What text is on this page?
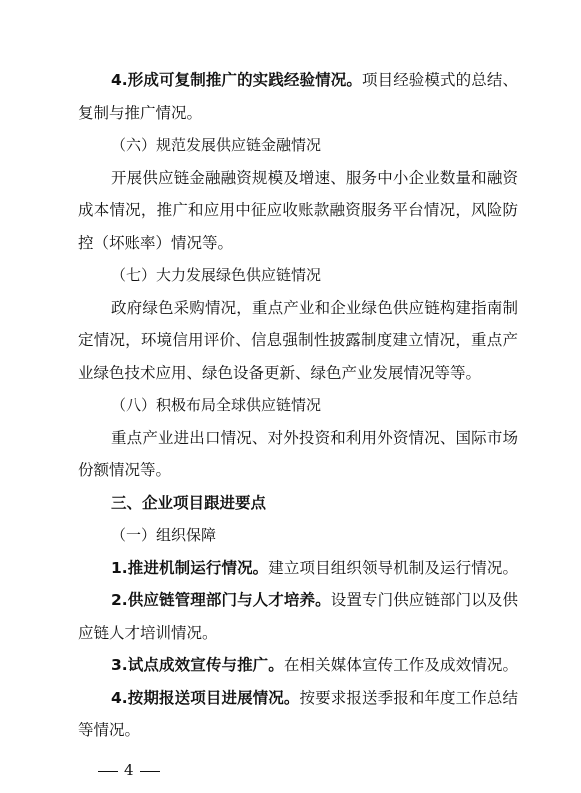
4.形成可复制推广的实践经验情况。项目经验模式的总结、
复制与推广情况。
（六）规范发展供应链金融情况
开展供应链金融融资规模及增速、服务中小企业数量和融资
成本情况，推广和应用中征应收账款融资服务平台情况，风险防
控（坏账率）情况等。
（七）大力发展绿色供应链情况
政府绿色采购情况，重点产业和企业绿色供应链构建指南制
定情况，环境信用评价、信息强制性披露制度建立情况，重点产
业绿色技术应用、绿色设备更新、绿色产业发展情况等等。
（八）积极布局全球供应链情况
重点产业进出口情况、对外投资和利用外资情况、国际市场
份额情况等。
三、企业项目跟进要点
（一）组织保障
1.推进机制运行情况。建立项目组织领导机制及运行情况。
2.供应链管理部门与人才培养。设置专门供应链部门以及供
应链人才培训情况。
3.试点成效宣传与推广。在相关媒体宣传工作及成效情况。
4.按期报送项目进展情况。按要求报送季报和年度工作总结
等情况。
4
